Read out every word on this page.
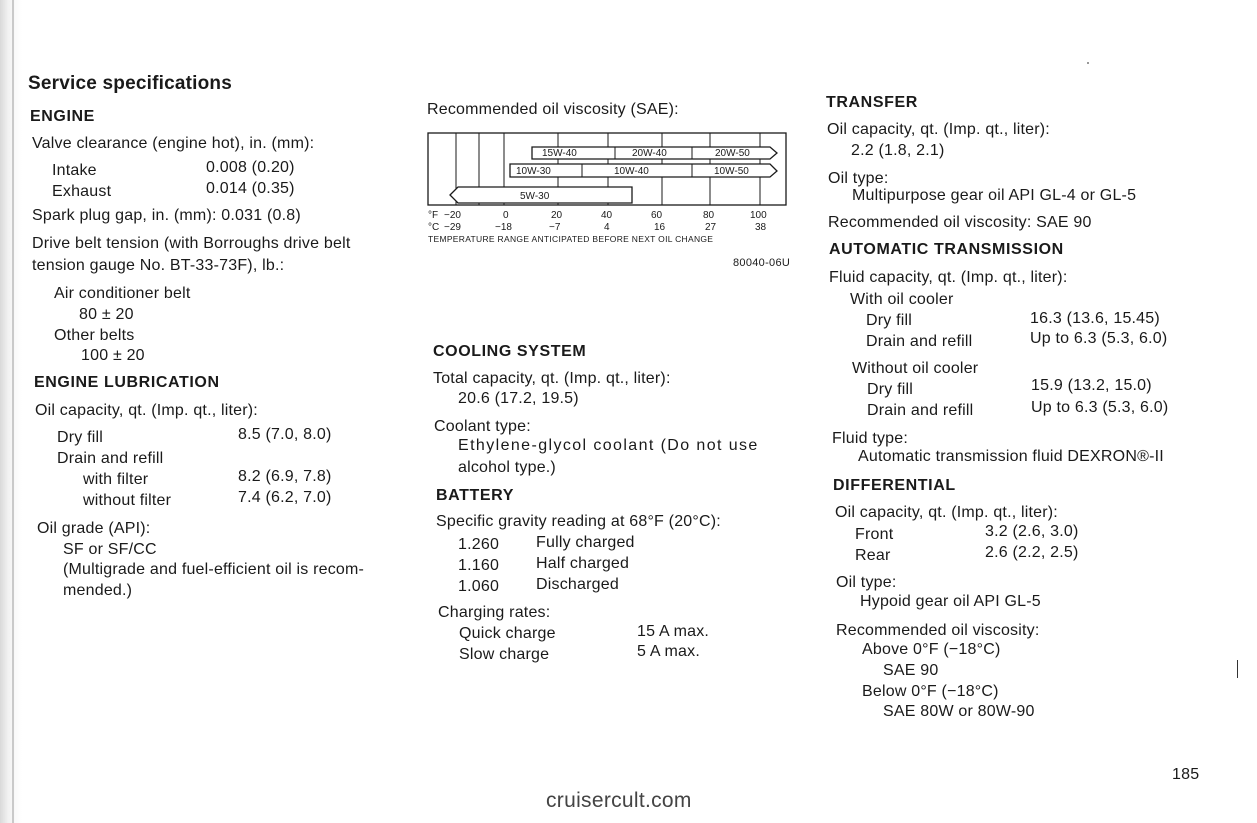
Service specifications
ENGINE
Valve clearance (engine hot), in. (mm):
Intake	0.008 (0.20)
Exhaust	0.014 (0.35)
Spark plug gap, in. (mm): 0.031 (0.8)
Drive belt tension (with Borroughs drive belt
tension gauge No. BT-33-73F), lb.:
Air conditioner belt
80 ± 20
Other belts
100 ± 20
ENGINE LUBRICATION
Oil capacity, qt. (Imp. qt., liter):
Dry fill	8.5 (7.0, 8.0)
Drain and refill
with filter	8.2 (6.9, 7.8)
without filter	7.4 (6.2, 7.0)
Oil grade (API):
SF or SF/CC
(Multigrade and fuel-efficient oil is recom-
mended.)
Recommended oil viscosity (SAE):
15W-40	20W-40	20W-50
10W-30	10W-40	10W-50
5W-30
°F −20	0	20	40	60	80	100
°C −29	−18	−7	4	16	27	38
TEMPERATURE RANGE ANTICIPATED BEFORE NEXT OIL CHANGE
80040-06U
COOLING SYSTEM
Total capacity, qt. (Imp. qt., liter):
20.6 (17.2, 19.5)
Coolant type:
Ethylene-glycol coolant (Do not use
alcohol type.)
BATTERY
Specific gravity reading at 68°F (20°C):
1.260 Fully charged
1.160 Half charged
1.060 Discharged
Charging rates:
Quick charge	15 A max.
Slow charge	5 A max.
TRANSFER
Oil capacity, qt. (Imp. qt., liter):
2.2 (1.8, 2.1)
Oil type:
Multipurpose gear oil API GL-4 or GL-5
Recommended oil viscosity: SAE 90
AUTOMATIC TRANSMISSION
Fluid capacity, qt. (Imp. qt., liter):
With oil cooler
Dry fill	16.3 (13.6, 15.45)
Drain and refill	Up to 6.3 (5.3, 6.0)
Without oil cooler
Dry fill	15.9 (13.2, 15.0)
Drain and refill	Up to 6.3 (5.3, 6.0)
Fluid type:
Automatic transmission fluid DEXRON®-II
DIFFERENTIAL
Oil capacity, qt. (Imp. qt., liter):
Front	3.2 (2.6, 3.0)
Rear	2.6 (2.2, 2.5)
Oil type:
Hypoid gear oil API GL-5
Recommended oil viscosity:
Above 0°F (−18°C)
SAE 90
Below 0°F (−18°C)
SAE 80W or 80W-90
185
cruisercult.com
